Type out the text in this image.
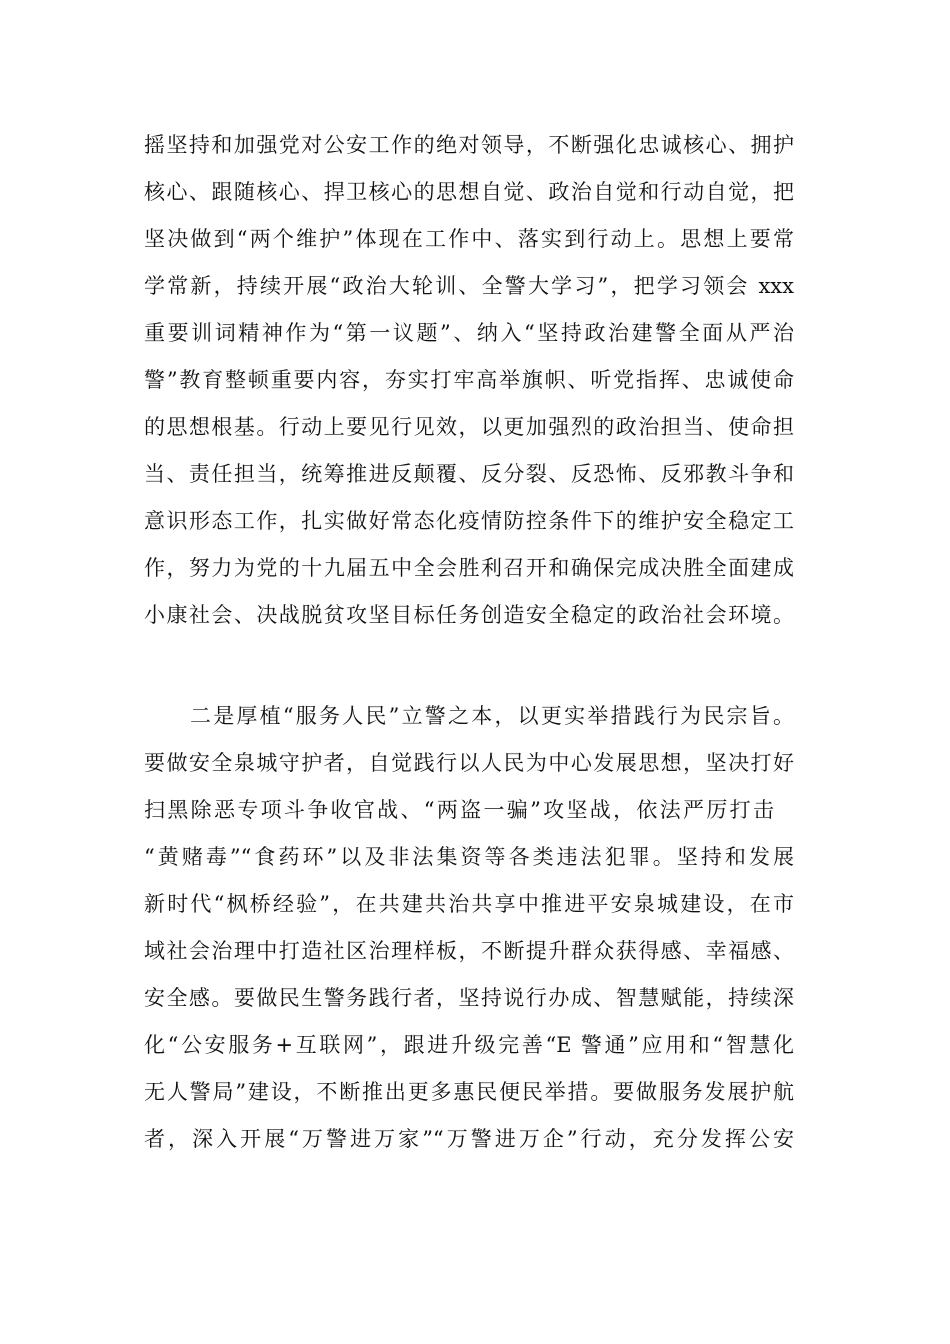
摇坚持和加强党对公安工作的绝对领导，不断强化忠诚核心、拥护
核心、跟随核心、捍卫核心的思想自觉、政治自觉和行动自觉，把
坚决做到“两个维护”体现在工作中、落实到行动上。思想上要常
学常新，持续开展“政治大轮训、全警大学习”，把学习领会 xxx
重要训词精神作为“第一议题”、纳入“坚持政治建警全面从严治
警”教育整顿重要内容，夯实打牢高举旗帜、听党指挥、忠诚使命
的思想根基。行动上要见行见效，以更加强烈的政治担当、使命担
当、责任担当，统筹推进反颠覆、反分裂、反恐怖、反邪教斗争和
意识形态工作，扎实做好常态化疫情防控条件下的维护安全稳定工
作，努力为党的十九届五中全会胜利召开和确保完成决胜全面建成
小康社会、决战脱贫攻坚目标任务创造安全稳定的政治社会环境。
二是厚植“服务人民”立警之本，以更实举措践行为民宗旨。
要做安全泉城守护者，自觉践行以人民为中心发展思想，坚决打好
扫黑除恶专项斗争收官战、“两盗一骗”攻坚战，依法严厉打击
“黄赌毒”“食药环”以及非法集资等各类违法犯罪。坚持和发展
新时代“枫桥经验”，在共建共治共享中推进平安泉城建设，在市
域社会治理中打造社区治理样板，不断提升群众获得感、幸福感、
安全感。要做民生警务践行者，坚持说行办成、智慧赋能，持续深
化“公安服务+互联网”，跟进升级完善“E 警通”应用和“智慧化
无人警局”建设，不断推出更多惠民便民举措。要做服务发展护航
者，深入开展“万警进万家”“万警进万企”行动，充分发挥公安
